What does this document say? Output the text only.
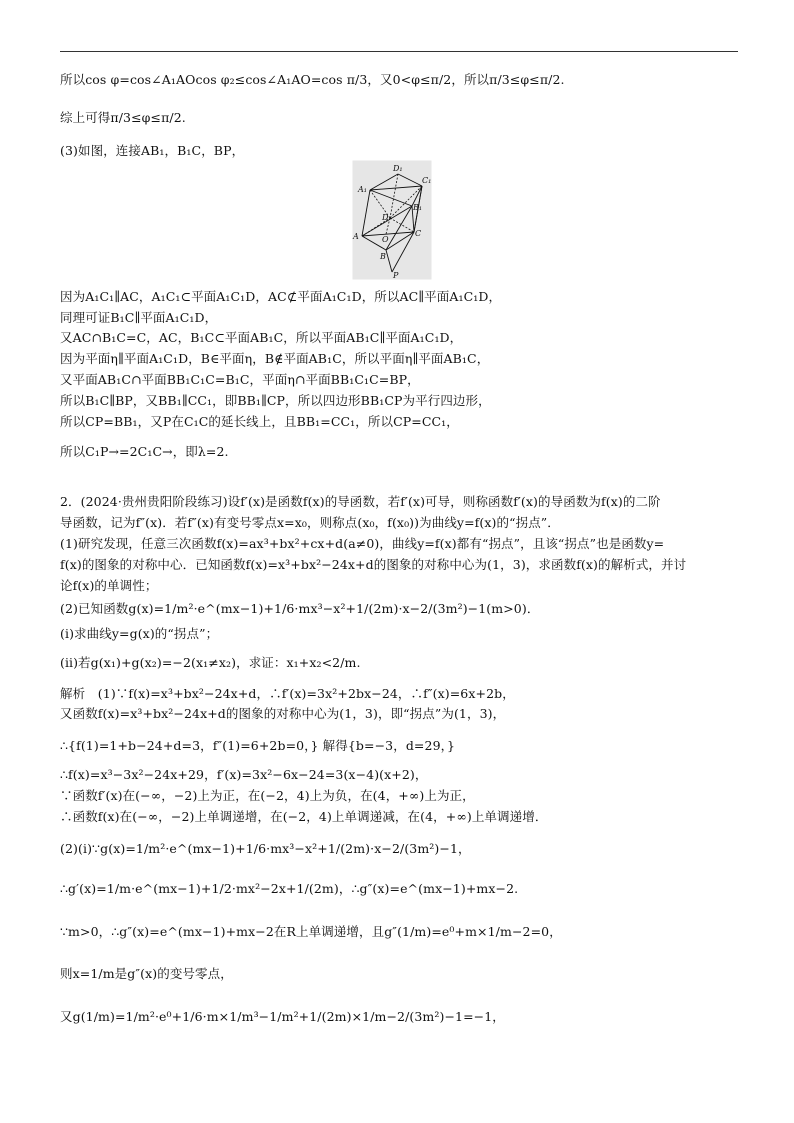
所以cos φ=cos∠A₁AOcos φ₂≤cos∠A₁AO=cos π/3，又0<φ≤π/2，所以π/3≤φ≤π/2.
综上可得π/3≤φ≤π/2.
(3)如图，连接AB₁，B₁C，BP，
D₁
A₁
C₁
B₁
D
O
A	C
B
P
因为A₁C₁∥AC，A₁C₁⊂平面A₁C₁D，AC⊄平面A₁C₁D，所以AC∥平面A₁C₁D，
同理可证B₁C∥平面A₁C₁D，
又AC∩B₁C=C，AC，B₁C⊂平面AB₁C，所以平面AB₁C∥平面A₁C₁D，
因为平面η∥平面A₁C₁D，B∈平面η，B∉平面AB₁C，所以平面η∥平面AB₁C，
又平面AB₁C∩平面BB₁C₁C=B₁C，平面η∩平面BB₁C₁C=BP，
所以B₁C∥BP，又BB₁∥CC₁，即BB₁∥CP，所以四边形BB₁CP为平行四边形，
所以CP=BB₁，又P在C₁C的延长线上，且BB₁=CC₁，所以CP=CC₁，
所以C₁P→=2C₁C→，即λ=2.
2．(2024·贵州贵阳阶段练习)设f′(x)是函数f(x)的导函数，若f′(x)可导，则称函数f′(x)的导函数为f(x)的二阶
导函数，记为f″(x)．若f″(x)有变号零点x=x₀，则称点(x₀，f(x₀))为曲线y=f(x)的“拐点”．
(1)研究发现，任意三次函数f(x)=ax³+bx²+cx+d(a≠0)，曲线y=f(x)都有“拐点”，且该“拐点”也是函数y=
f(x)的图象的对称中心．已知函数f(x)=x³+bx²−24x+d的图象的对称中心为(1，3)，求函数f(x)的解析式，并讨
论f(x)的单调性；
(2)已知函数g(x)=1/m²·e^(mx−1)+1/6·mx³−x²+1/(2m)·x−2/(3m²)−1(m>0)．
(ⅰ)求曲线y=g(x)的“拐点”；
(ⅱ)若g(x₁)+g(x₂)=−2(x₁≠x₂)，求证：x₁+x₂<2/m.
解析　(1)∵f(x)=x³+bx²−24x+d，∴f′(x)=3x²+2bx−24，∴f″(x)=6x+2b，
又函数f(x)=x³+bx²−24x+d的图象的对称中心为(1，3)，即“拐点”为(1，3)，
∴{f(1)=1+b−24+d=3，f″(1)=6+2b=0，} 解得{b=−3，d=29，}
∴f(x)=x³−3x²−24x+29，f′(x)=3x²−6x−24=3(x−4)(x+2)，
∵函数f′(x)在(−∞，−2)上为正，在(−2，4)上为负，在(4，+∞)上为正，
∴函数f(x)在(−∞，−2)上单调递增，在(−2，4)上单调递减，在(4，+∞)上单调递增．
(2)(ⅰ)∵g(x)=1/m²·e^(mx−1)+1/6·mx³−x²+1/(2m)·x−2/(3m²)−1，
∴g′(x)=1/m·e^(mx−1)+1/2·mx²−2x+1/(2m)，∴g″(x)=e^(mx−1)+mx−2.
∵m>0，∴g″(x)=e^(mx−1)+mx−2在R上单调递增，且g″(1/m)=e⁰+m×1/m−2=0，
则x=1/m是g″(x)的变号零点，
又g(1/m)=1/m²·e⁰+1/6·m×1/m³−1/m²+1/(2m)×1/m−2/(3m²)−1=−1，
